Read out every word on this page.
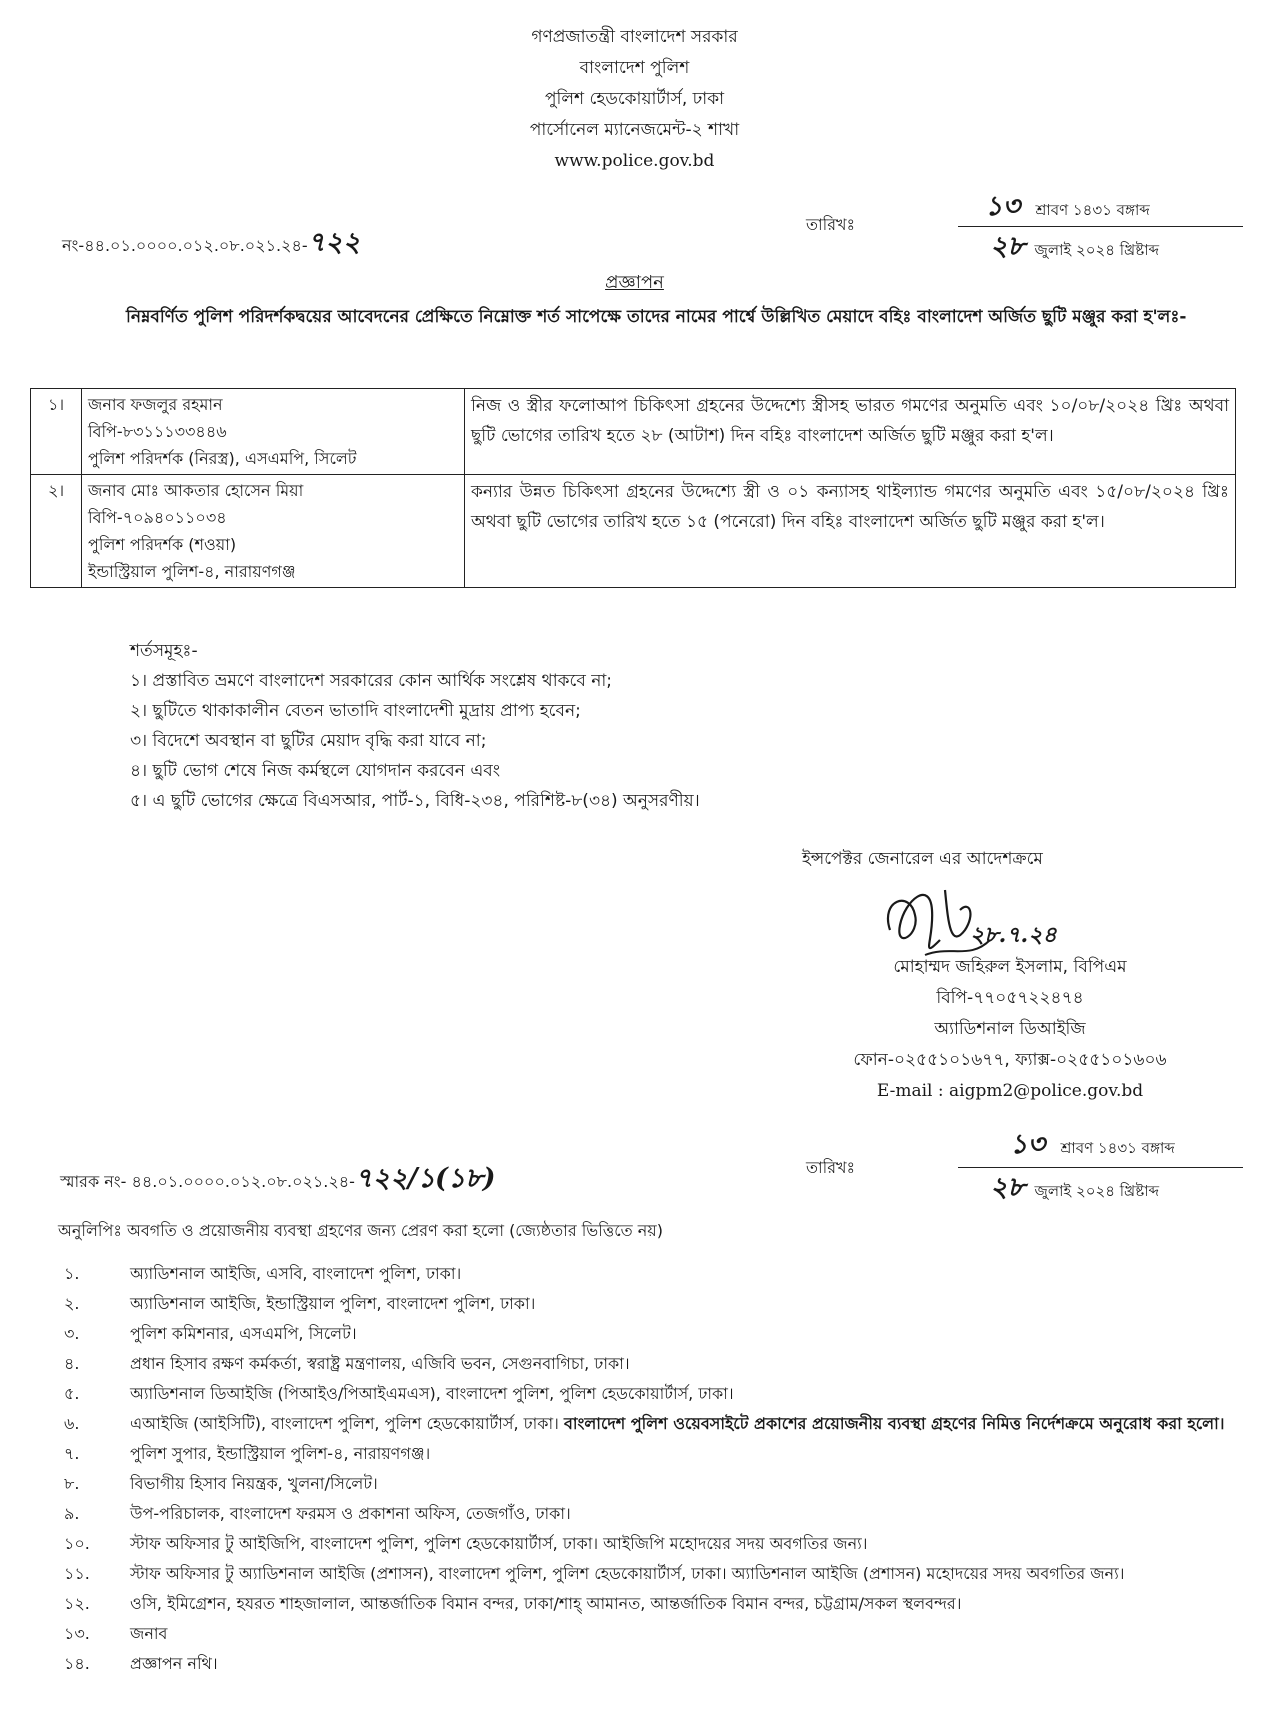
গণপ্রজাতন্ত্রী বাংলাদেশ সরকার
বাংলাদেশ পুলিশ
পুলিশ হেডকোয়ার্টার্স, ঢাকা
পার্সোনেল ম্যানেজমেন্ট-২ শাখা
www.police.gov.bd
নং-৪৪.০১.০০০০.০১২.০৮.০২১.২৪-৭২২
তারিখঃ
১৩ শ্রাবণ ১৪৩১ বঙ্গাব্দ
২৮ জুলাই ২০২৪ খ্রিষ্টাব্দ
প্রজ্ঞাপন
নিম্নবর্ণিত পুলিশ পরিদর্শকদ্বয়ের আবেদনের প্রেক্ষিতে নিম্নোক্ত শর্ত সাপেক্ষে তাদের নামের পার্শ্বে উল্লিখিত মেয়াদে বহিঃ বাংলাদেশ অর্জিত ছুটি মঞ্জুর করা হ'লঃ-
১।	জনাব ফজলুর রহমান
বিপি-৮৩১১১৩৩৪৪৬
পুলিশ পরিদর্শক (নিরস্ত্র), এসএমপি, সিলেট	নিজ ও স্ত্রীর ফলোআপ চিকিৎসা গ্রহনের উদ্দেশ্যে স্ত্রীসহ ভারত গমণের অনুমতি এবং ১০/০৮/২০২৪ খ্রিঃ অথবা ছুটি ভোগের তারিখ হতে ২৮ (আটাশ) দিন বহিঃ বাংলাদেশ অর্জিত ছুটি মঞ্জুর করা হ'ল।
২।	জনাব মোঃ আকতার হোসেন মিয়া
বিপি-৭০৯৪০১১০৩৪
পুলিশ পরিদর্শক (শওয়া)
ইন্ডাস্ট্রিয়াল পুলিশ-৪, নারায়ণগঞ্জ	কন্যার উন্নত চিকিৎসা গ্রহনের উদ্দেশ্যে স্ত্রী ও ০১ কন্যাসহ থাইল্যান্ড গমণের অনুমতি এবং ১৫/০৮/২০২৪ খ্রিঃ অথবা ছুটি ভোগের তারিখ হতে ১৫ (পনেরো) দিন বহিঃ বাংলাদেশ অর্জিত ছুটি মঞ্জুর করা হ'ল।
শর্তসমূহঃ-
১। প্রস্তাবিত ভ্রমণে বাংলাদেশ সরকারের কোন আর্থিক সংশ্লেষ থাকবে না;
২। ছুটিতে থাকাকালীন বেতন ভাতাদি বাংলাদেশী মুদ্রায় প্রাপ্য হবেন;
৩। বিদেশে অবস্থান বা ছুটির মেয়াদ বৃদ্ধি করা যাবে না;
৪। ছুটি ভোগ শেষে নিজ কর্মস্থলে যোগদান করবেন এবং
৫। এ ছুটি ভোগের ক্ষেত্রে বিএসআর, পার্ট-১, বিধি-২৩৪, পরিশিষ্ট-৮(৩৪) অনুসরণীয়।
ইন্সপেক্টর জেনারেল এর আদেশক্রমে
২৮.৭.২৪
মোহাম্মদ জহিরুল ইসলাম, বিপিএম
বিপি-৭৭০৫৭২২৪৭৪
অ্যাডিশনাল ডিআইজি
ফোন-০২৫৫১০১৬৭৭, ফ্যাক্স-০২৫৫১০১৬০৬
E-mail : aigpm2@police.gov.bd
স্মারক নং- ৪৪.০১.০০০০.০১২.০৮.০২১.২৪-৭২২/১(১৮)	তারিখঃ
১৩ শ্রাবণ ১৪৩১ বঙ্গাব্দ
২৮ জুলাই ২০২৪ খ্রিষ্টাব্দ
অনুলিপিঃ অবগতি ও প্রয়োজনীয় ব্যবস্থা গ্রহণের জন্য প্রেরণ করা হলো (জ্যেষ্ঠতার ভিত্তিতে নয়)
১.	অ্যাডিশনাল আইজি, এসবি, বাংলাদেশ পুলিশ, ঢাকা।
২.	অ্যাডিশনাল আইজি, ইন্ডাস্ট্রিয়াল পুলিশ, বাংলাদেশ পুলিশ, ঢাকা।
৩.	পুলিশ কমিশনার, এসএমপি, সিলেট।
৪.	প্রধান হিসাব রক্ষণ কর্মকর্তা, স্বরাষ্ট্র মন্ত্রণালয়, এজিবি ভবন, সেগুনবাগিচা, ঢাকা।
৫.	অ্যাডিশনাল ডিআইজি (পিআইও/পিআইএমএস), বাংলাদেশ পুলিশ, পুলিশ হেডকোয়ার্টার্স, ঢাকা।
৬.	এআইজি (আইসিটি), বাংলাদেশ পুলিশ, পুলিশ হেডকোয়ার্টার্স, ঢাকা। বাংলাদেশ পুলিশ ওয়েবসাইটে প্রকাশের প্রয়োজনীয় ব্যবস্থা গ্রহণের নিমিত্ত নির্দেশক্রমে অনুরোধ করা হলো।
৭.	পুলিশ সুপার, ইন্ডাস্ট্রিয়াল পুলিশ-৪, নারায়ণগঞ্জ।
৮.	বিভাগীয় হিসাব নিয়ন্ত্রক, খুলনা/সিলেট।
৯.	উপ-পরিচালক, বাংলাদেশ ফরমস ও প্রকাশনা অফিস, তেজগাঁও, ঢাকা।
১০.	স্টাফ অফিসার টু আইজিপি, বাংলাদেশ পুলিশ, পুলিশ হেডকোয়ার্টার্স, ঢাকা। আইজিপি মহোদয়ের সদয় অবগতির জন্য।
১১.	স্টাফ অফিসার টু অ্যাডিশনাল আইজি (প্রশাসন), বাংলাদেশ পুলিশ, পুলিশ হেডকোয়ার্টার্স, ঢাকা। অ্যাডিশনাল আইজি (প্রশাসন) মহোদয়ের সদয় অবগতির জন্য।
১২.	ওসি, ইমিগ্রেশন, হযরত শাহজালাল, আন্তর্জাতিক বিমান বন্দর, ঢাকা/শাহ্ আমানত, আন্তর্জাতিক বিমান বন্দর, চট্টগ্রাম/সকল স্থলবন্দর।
১৩.	জনাব
১৪.	প্রজ্ঞাপন নথি।
